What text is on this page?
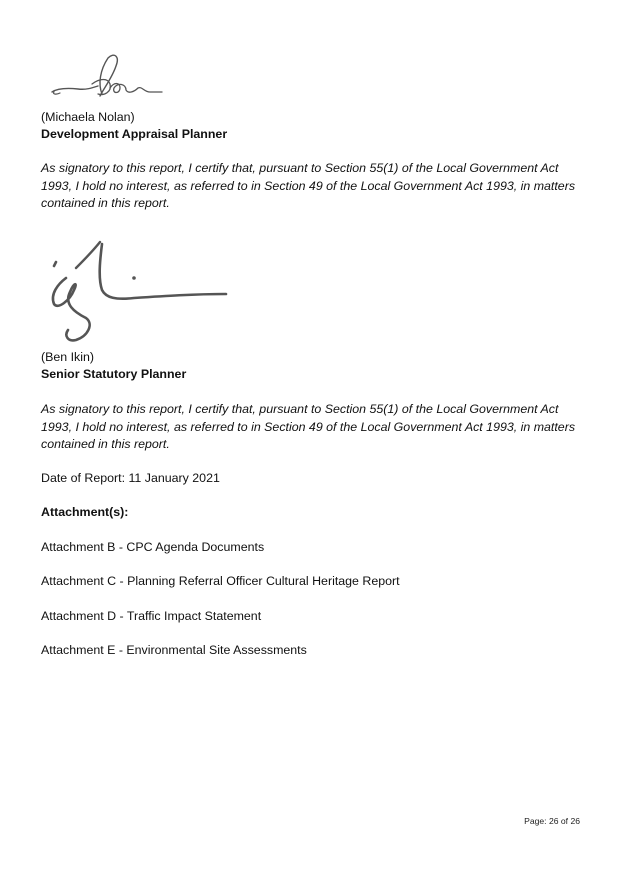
(Michaela Nolan)
Development Appraisal Planner
As signatory to this report, I certify that, pursuant to Section 55(1) of the Local Government Act
1993, I hold no interest, as referred to in Section 49 of the Local Government Act 1993, in matters
contained in this report.
(Ben Ikin)
Senior Statutory Planner
As signatory to this report, I certify that, pursuant to Section 55(1) of the Local Government Act
1993, I hold no interest, as referred to in Section 49 of the Local Government Act 1993, in matters
contained in this report.
Date of Report: 11 January 2021
Attachment(s):
Attachment B - CPC Agenda Documents
Attachment C - Planning Referral Officer Cultural Heritage Report
Attachment D - Traffic Impact Statement
Attachment E - Environmental Site Assessments
Page: 26 of 26
